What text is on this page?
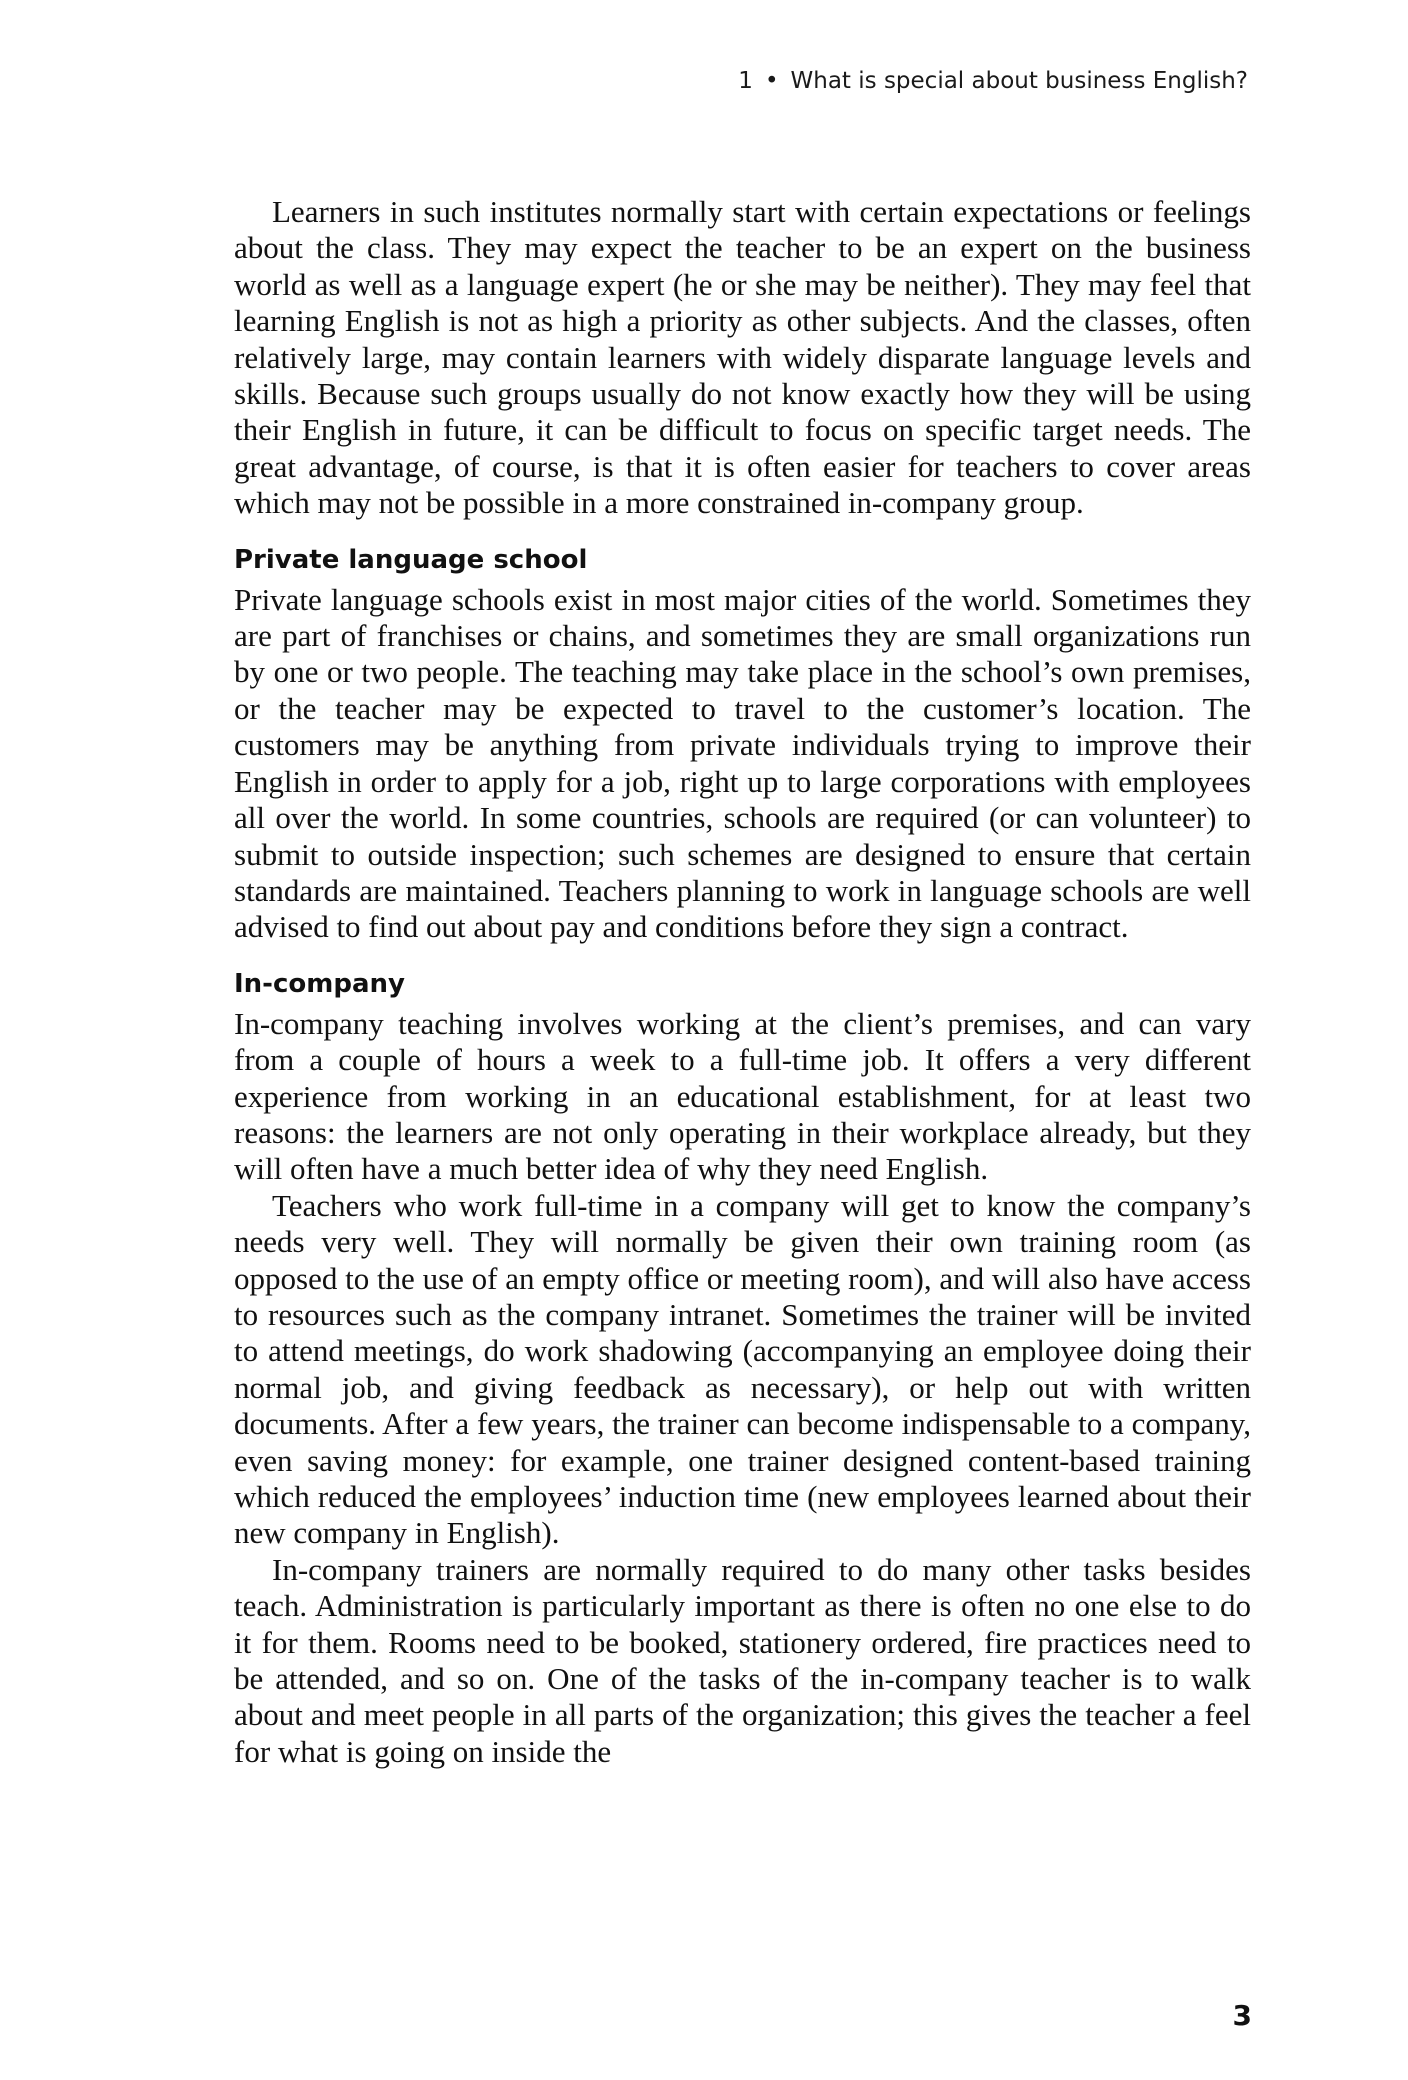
1 • What is special about business English?

Learners in such institutes normally start with certain expectations or feelings about the class. They may expect the teacher to be an expert on the business world as well as a language expert (he or she may be neither). They may feel that learning English is not as high a priority as other subjects. And the classes, often relatively large, may contain learners with widely disparate language levels and skills. Because such groups usually do not know exactly how they will be using their English in future, it can be difficult to focus on specific target needs. The great advantage, of course, is that it is often easier for teachers to cover areas which may not be possible in a more constrained in-company group.

Private language school

Private language schools exist in most major cities of the world. Sometimes they are part of franchises or chains, and sometimes they are small organizations run by one or two people. The teaching may take place in the school’s own premises, or the teacher may be expected to travel to the customer’s location. The customers may be anything from private individuals trying to improve their English in order to apply for a job, right up to large corporations with employees all over the world. In some countries, schools are required (or can volunteer) to submit to outside inspection; such schemes are designed to ensure that certain standards are maintained. Teachers planning to work in language schools are well advised to find out about pay and conditions before they sign a contract.

In-company

In-company teaching involves working at the client’s premises, and can vary from a couple of hours a week to a full-time job. It offers a very different experience from working in an educational establishment, for at least two reasons: the learners are not only operating in their workplace already, but they will often have a much better idea of why they need English.

Teachers who work full-time in a company will get to know the company’s needs very well. They will normally be given their own training room (as opposed to the use of an empty office or meeting room), and will also have access to resources such as the company intranet. Sometimes the trainer will be invited to attend meetings, do work shadowing (accompanying an employee doing their normal job, and giving feedback as necessary), or help out with written documents. After a few years, the trainer can become indispensable to a company, even saving money: for example, one trainer designed content-based training which reduced the employees’ induction time (new employees learned about their new company in English).

In-company trainers are normally required to do many other tasks besides teach. Administration is particularly important as there is often no one else to do it for them. Rooms need to be booked, stationery ordered, fire practices need to be attended, and so on. One of the tasks of the in-company teacher is to walk about and meet people in all parts of the organization; this gives the teacher a feel for what is going on inside the

3
